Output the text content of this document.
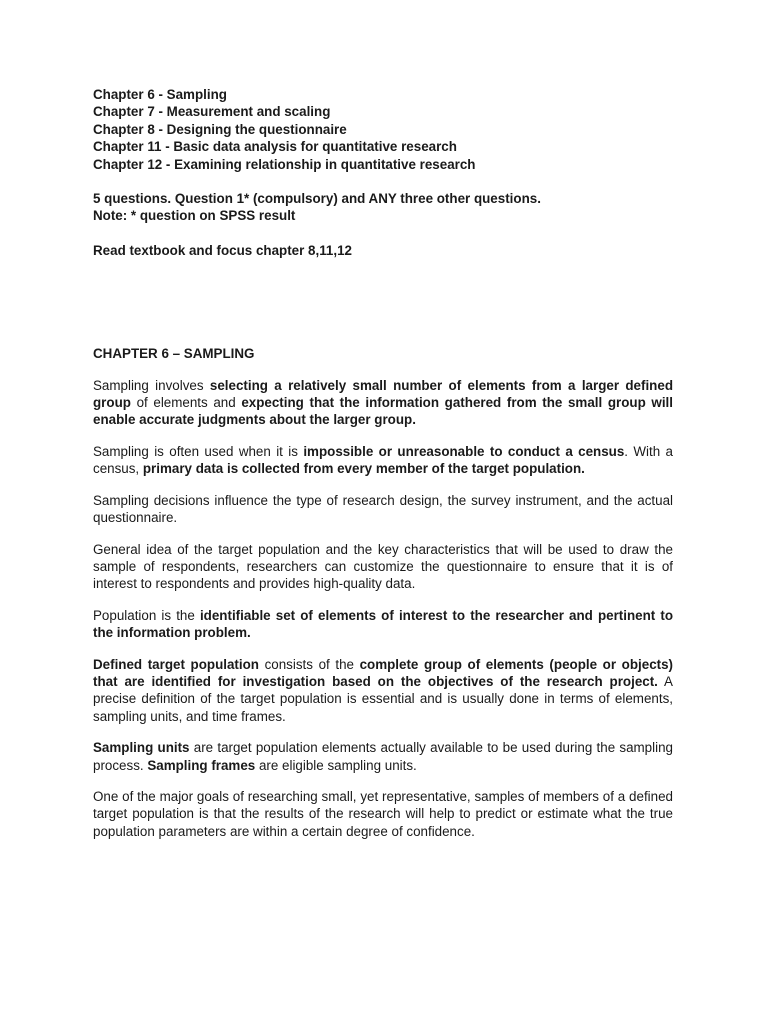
Chapter 6 - Sampling

Chapter 7 - Measurement and scaling

Chapter 8 - Designing the questionnaire

Chapter 11 - Basic data analysis for quantitative research

Chapter 12 - Examining relationship in quantitative research

5 questions. Question 1* (compulsory) and ANY three other questions.

Note: * question on SPSS result

Read textbook and focus chapter 8,11,12

CHAPTER 6 – SAMPLING

Sampling involves selecting a relatively small number of elements from a larger defined group of elements and expecting that the information gathered from the small group will enable accurate judgments about the larger group.

Sampling is often used when it is impossible or unreasonable to conduct a census. With a census, primary data is collected from every member of the target population.

Sampling decisions influence the type of research design, the survey instrument, and the actual questionnaire.

General idea of the target population and the key characteristics that will be used to draw the sample of respondents, researchers can customize the questionnaire to ensure that it is of interest to respondents and provides high-quality data.

Population is the identifiable set of elements of interest to the researcher and pertinent to the information problem.

Defined target population consists of the complete group of elements (people or objects) that are identified for investigation based on the objectives of the research project. A precise definition of the target population is essential and is usually done in terms of elements, sampling units, and time frames.

Sampling units are target population elements actually available to be used during the sampling process. Sampling frames are eligible sampling units.

One of the major goals of researching small, yet representative, samples of members of a defined target population is that the results of the research will help to predict or estimate what the true population parameters are within a certain degree of confidence.
